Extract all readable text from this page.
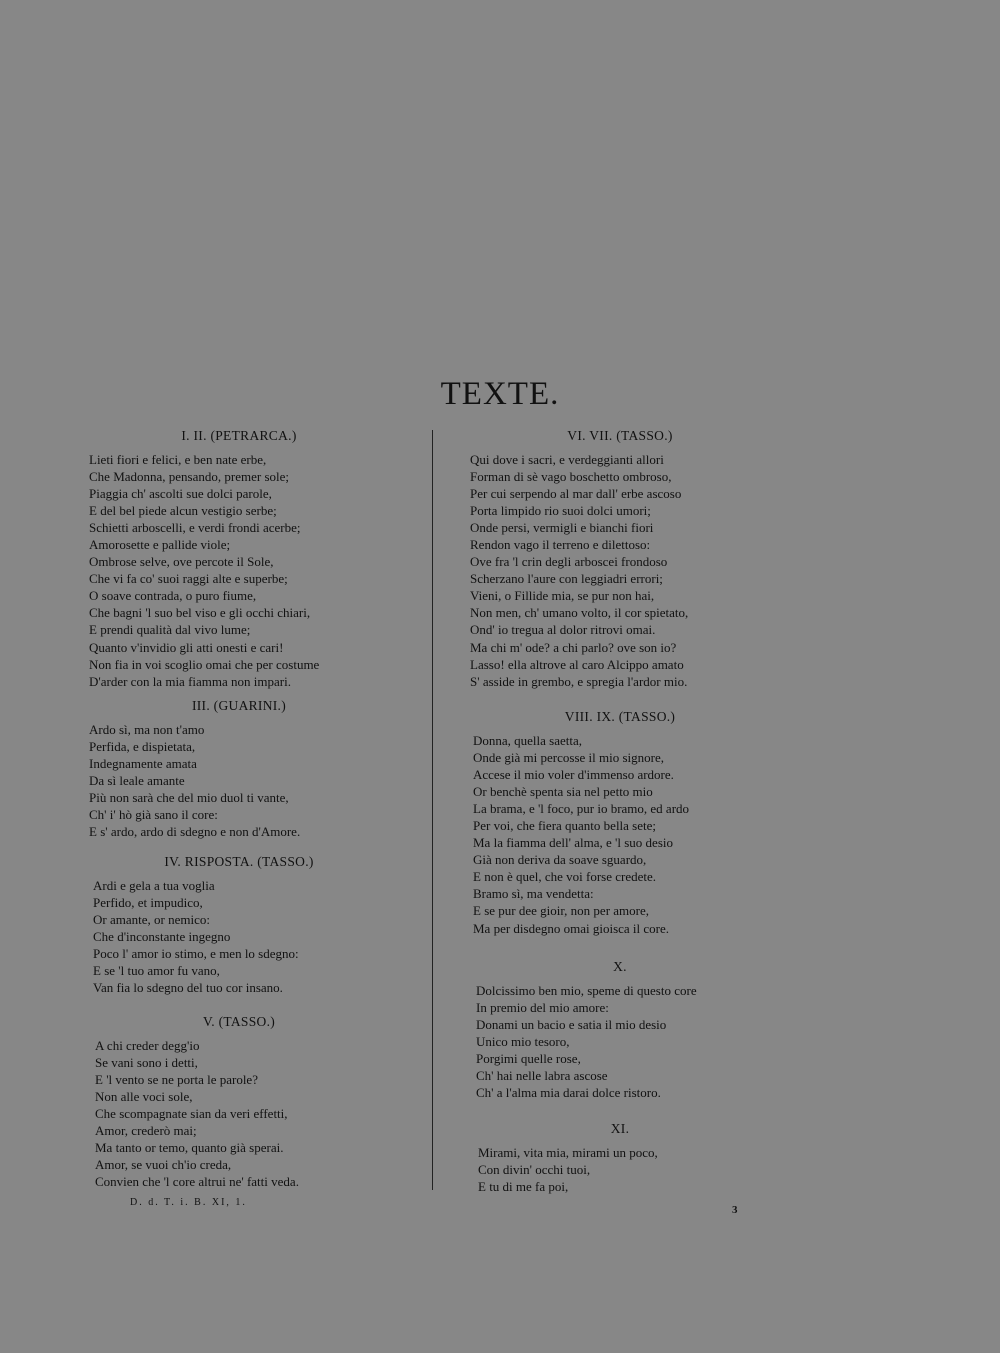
TEXTE.
I. II. (PETRARCA.)
Lieti fiori e felici, e ben nate erbe,
Che Madonna, pensando, premer sole;
Piaggia ch' ascolti sue dolci parole,
E del bel piede alcun vestigio serbe;
Schietti arboscelli, e verdi frondi acerbe;
Amorosette e pallide viole;
Ombrose selve, ove percote il Sole,
Che vi fa co' suoi raggi alte e superbe;
O soave contrada, o puro fiume,
Che bagni 'l suo bel viso e gli occhi chiari,
E prendi qualità dal vivo lume;
Quanto v'invidio gli atti onesti e cari!
Non fia in voi scoglio omai che per costume
D'arder con la mia fiamma non impari.
III. (GUARINI.)
Ardo sì, ma non t'amo
Perfida, e dispietata,
Indegnamente amata
Da sì leale amante
Più non sarà che del mio duol ti vante,
Ch' i' hò già sano il core:
E s' ardo, ardo di sdegno e non d'Amore.
IV. RISPOSTA. (TASSO.)
Ardi e gela a tua voglia
Perfido, et impudico,
Or amante, or nemico:
Che d'inconstante ingegno
Poco l' amor io stimo, e men lo sdegno:
E se 'l tuo amor fu vano,
Van fia lo sdegno del tuo cor insano.
V. (TASSO.)
A chi creder degg'io
Se vani sono i detti,
E 'l vento se ne porta le parole?
Non alle voci sole,
Che scompagnate sian da veri effetti,
Amor, crederò mai;
Ma tanto or temo, quanto già sperai.
Amor, se vuoi ch'io creda,
Convien che 'l core altrui ne' fatti veda.
VI. VII. (TASSO.)
Qui dove i sacri, e verdeggianti allori
Forman di sè vago boschetto ombroso,
Per cui serpendo al mar dall' erbe ascoso
Porta limpido rio suoi dolci umori;
Onde persi, vermigli e bianchi fiori
Rendon vago il terreno e dilettoso:
Ove fra 'l crin degli arboscei frondoso
Scherzano l'aure con leggiadri errori;
Vieni, o Fillide mia, se pur non hai,
Non men, ch' umano volto, il cor spietato,
Ond' io tregua al dolor ritrovi omai.
Ma chi m' ode? a chi parlo? ove son io?
Lasso! ella altrove al caro Alcippo amato
S' asside in grembo, e spregia l'ardor mio.
VIII. IX. (TASSO.)
Donna, quella saetta,
Onde già mi percosse il mio signore,
Accese il mio voler d'immenso ardore.
Or benchè spenta sia nel petto mio
La brama, e 'l foco, pur io bramo, ed ardo
Per voi, che fiera quanto bella sete;
Ma la fiamma dell' alma, e 'l suo desio
Già non deriva da soave sguardo,
E non è quel, che voi forse credete.
Bramo sì, ma vendetta:
E se pur dee gioir, non per amore,
Ma per disdegno omai gioisca il core.
X.
Dolcissimo ben mio, speme di questo core
In premio del mio amore:
Donami un bacio e satia il mio desio
Unico mio tesoro,
Porgimi quelle rose,
Ch' hai nelle labra ascose
Ch' a l'alma mia darai dolce ristoro.
XI.
Mirami, vita mia, mirami un poco,
Con divin' occhi tuoi,
E tu di me fa poi,
D. d. T. i. B. XI, 1.
3
